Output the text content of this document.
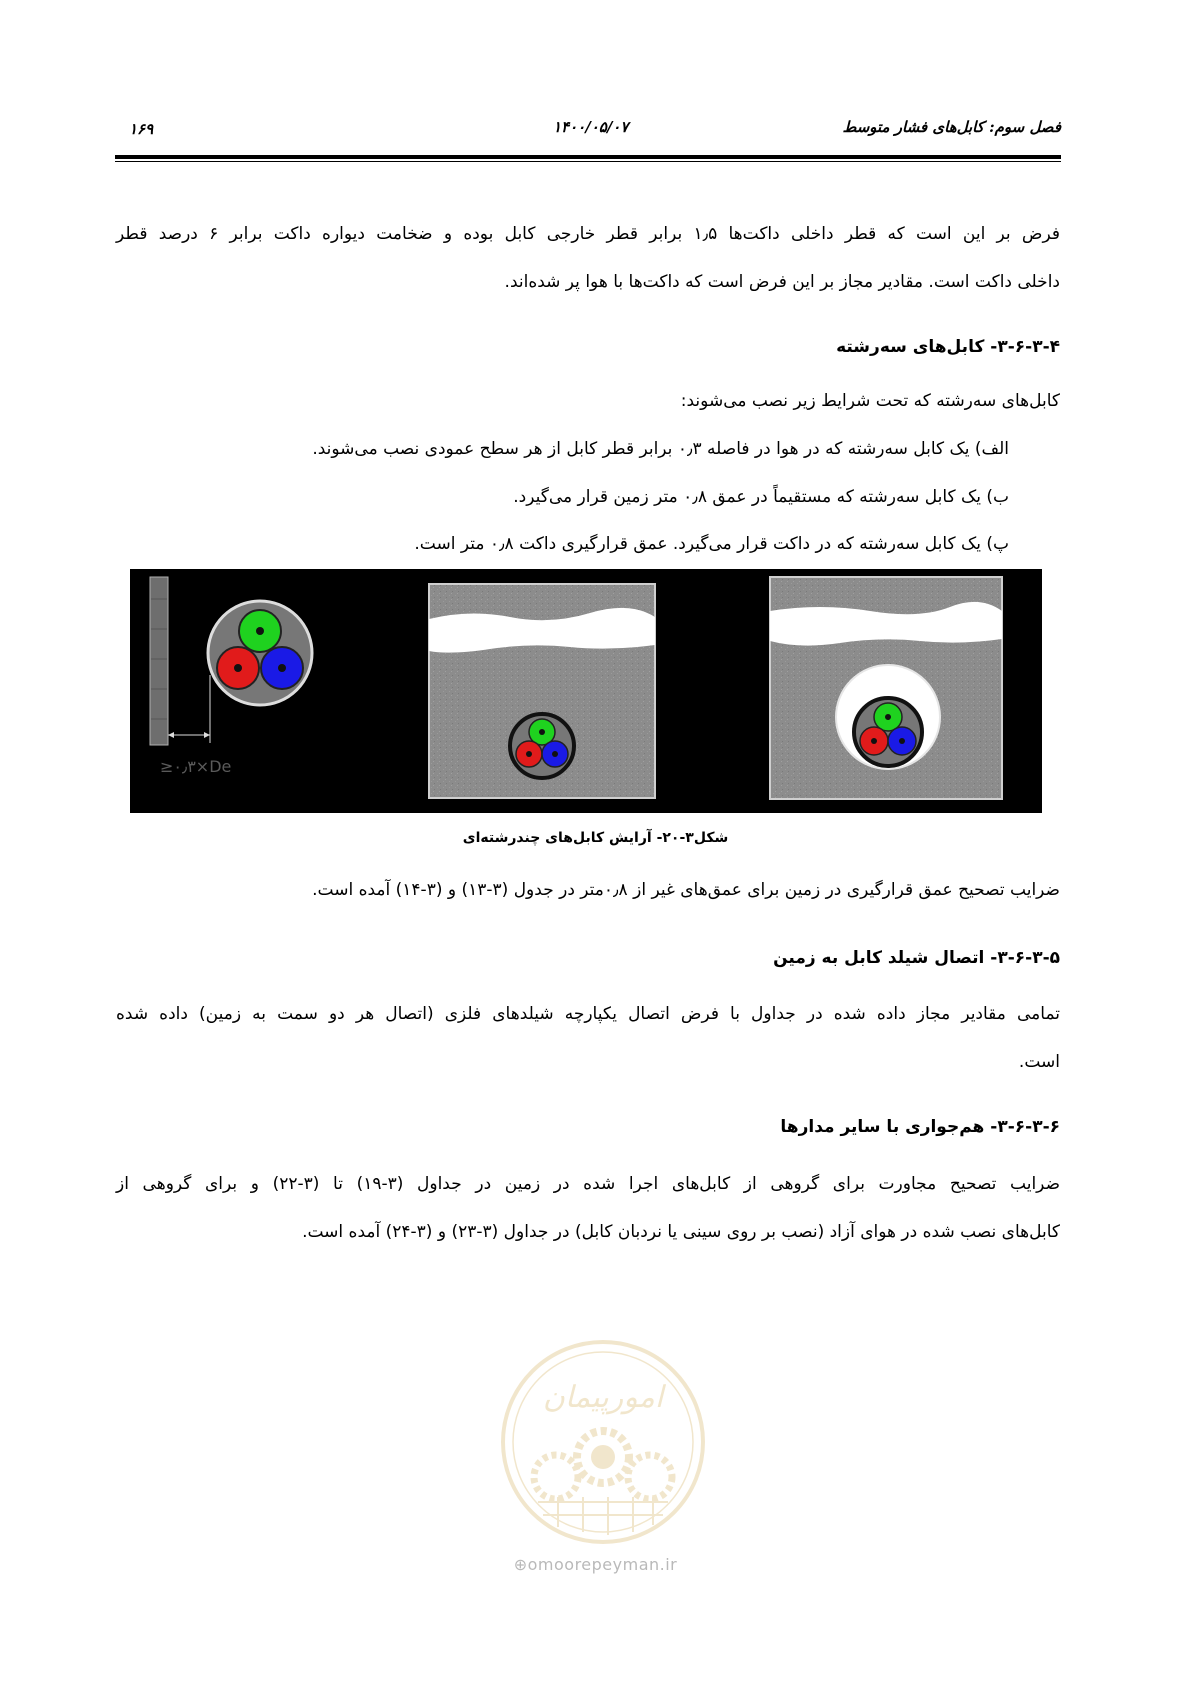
فصل سوم: کابل‌های فشار متوسط
۱۴۰۰/۰۵/۰۷
۱۶۹
فرض بر این است که قطر داخلی داکت‌ها ۱٫۵ برابر قطر خارجی کابل بوده و ضخامت دیواره داکت برابر ۶ درصد قطر
داخلی داکت است. مقادیر مجاز بر این فرض است که داکت‌ها با هوا پر شده‌اند.
۳-۶-۳-۴- کابل‌های سه‌رشته
کابل‌های سه‌رشته که تحت شرایط زیر نصب می‌شوند:
الف) یک کابل سه‌رشته که در هوا در فاصله ۰٫۳ برابر قطر کابل از هر سطح عمودی نصب می‌شوند.
ب) یک کابل سه‌رشته که مستقیماً در عمق ۰٫۸ متر زمین قرار می‌گیرد.
پ) یک کابل سه‌رشته که در داکت قرار می‌گیرد. عمق قرارگیری داکت ۰٫۸ متر است.
≥۰٫۳×De
شکل۳-۲۰- آرایش کابل‌های چندرشته‌ای
ضرایب تصحیح عمق قرارگیری در زمین برای عمق‌های غیر از ۰٫۸متر در جدول (۳-۱۳) و (۳-۱۴) آمده است.
۳-۶-۳-۵- اتصال شیلد کابل به زمین
تمامی مقادیر مجاز داده شده در جداول با فرض اتصال یکپارچه شیلدهای فلزی (اتصال هر دو سمت به زمین) داده شده
است.
۳-۶-۳-۶- هم‌جواری با سایر مدارها
ضرایب تصحیح مجاورت برای گروهی از کابل‌های اجرا شده در زمین در جداول (۳-۱۹) تا (۳-۲۲) و برای گروهی از
کابل‌های نصب شده در هوای آزاد (نصب بر روی سینی یا نردبان کابل) در جداول (۳-۲۳) و (۳-۲۴) آمده است.
امورپیمان
⊕omoorepeyman.ir
